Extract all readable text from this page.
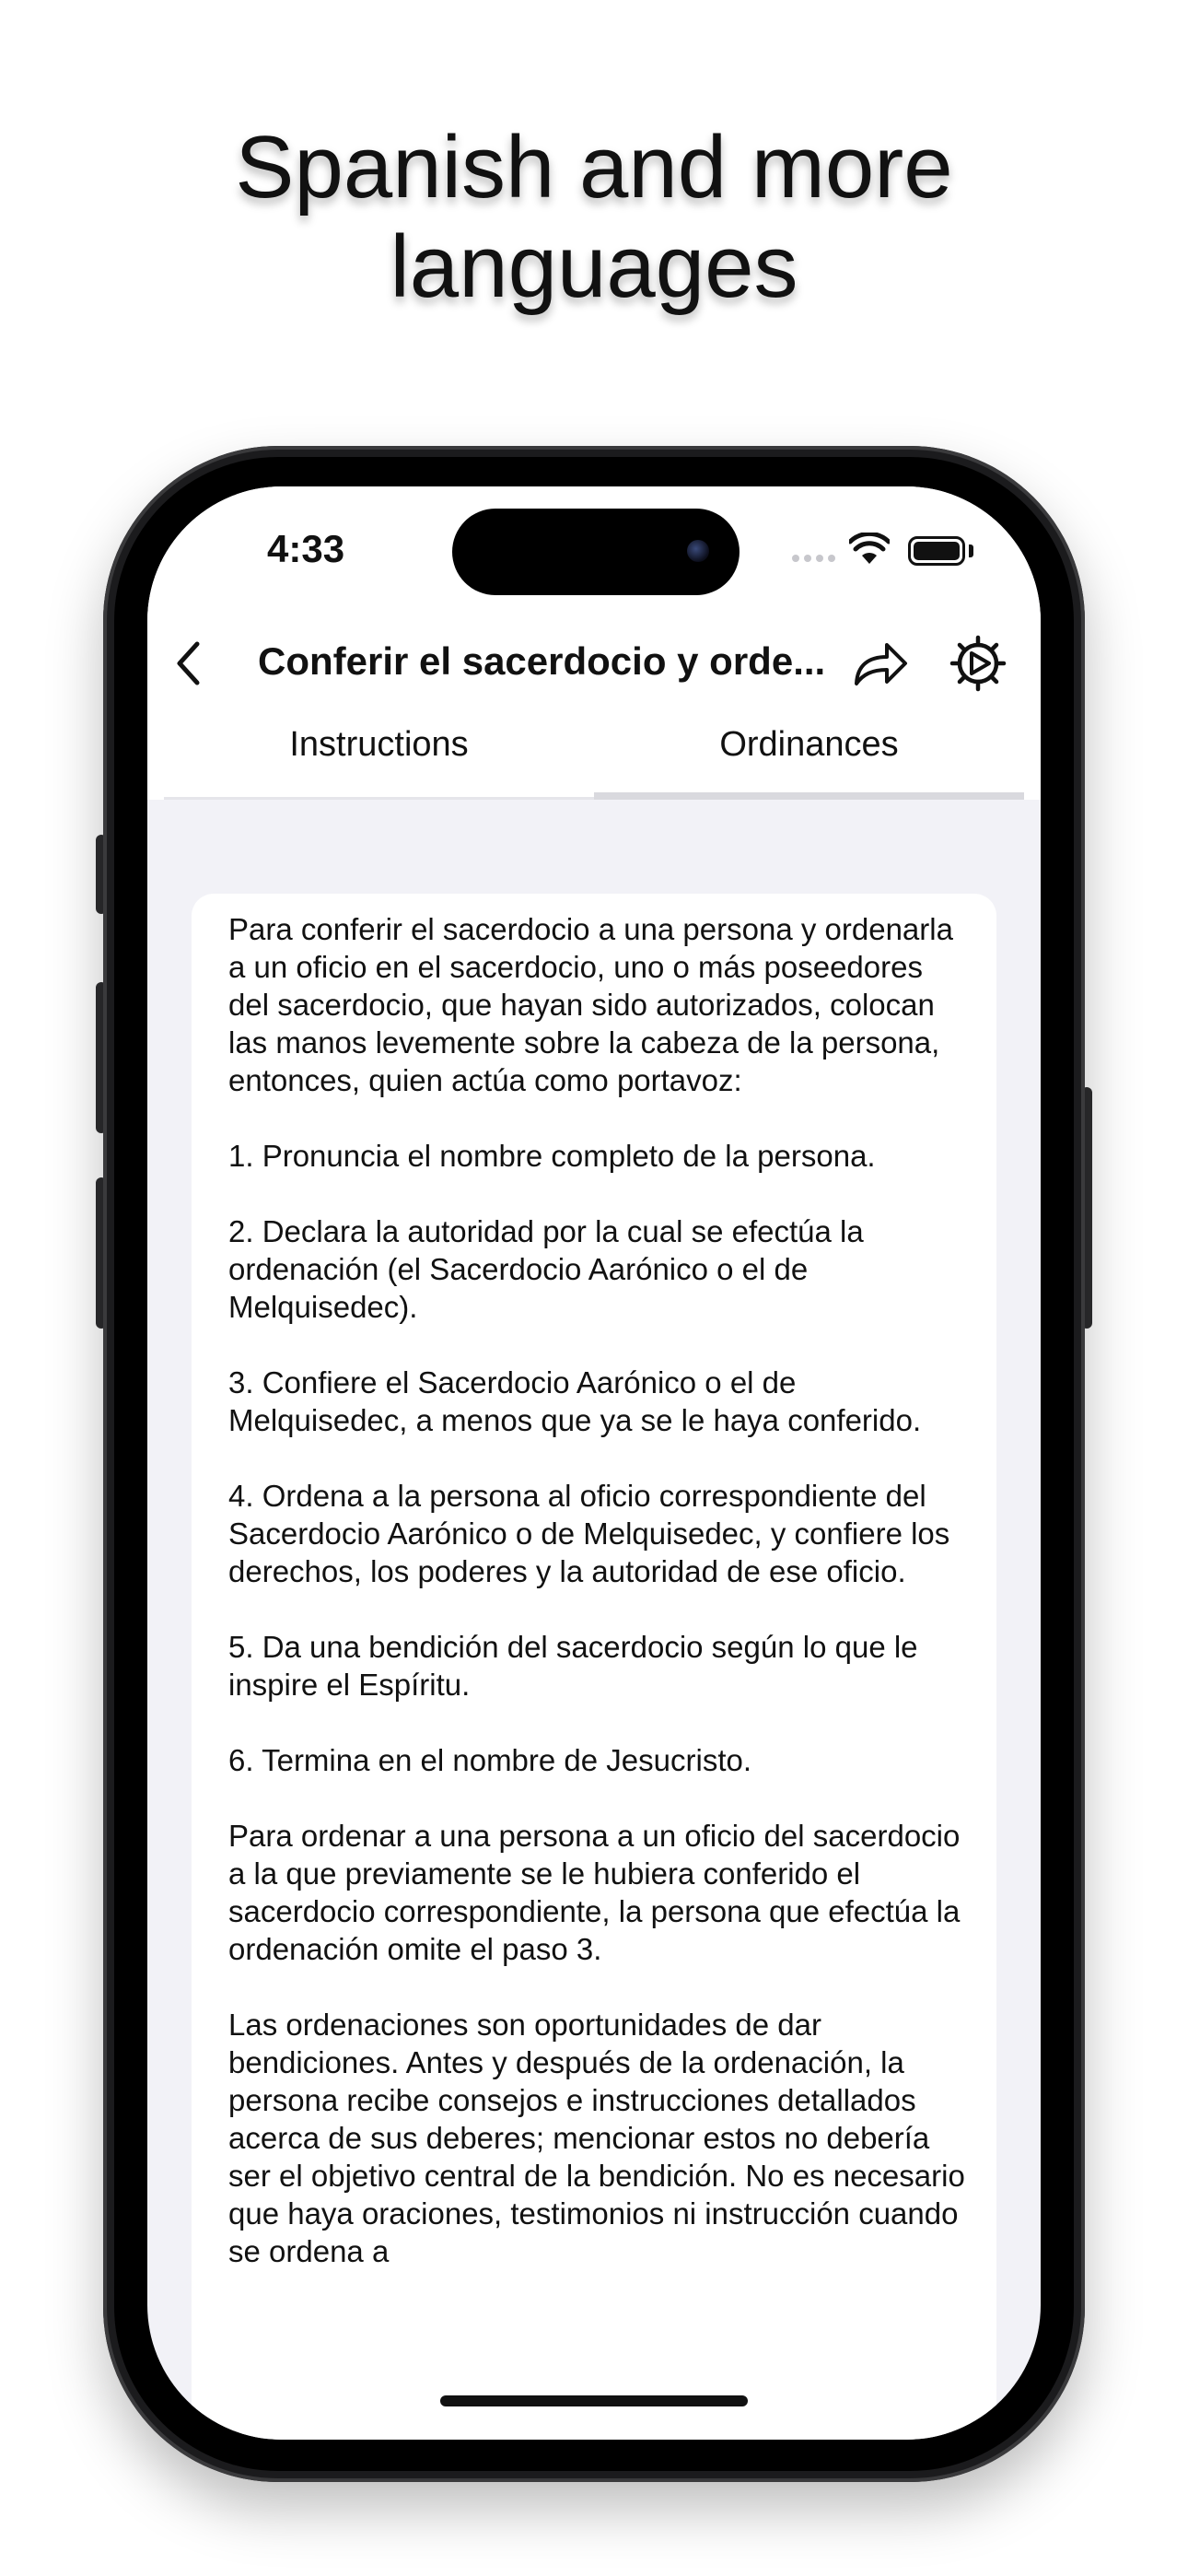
Spanish and more
languages
4:33
Conferir el sacerdocio y orde...
Instructions	Ordinances

Para conferir el sacerdocio a una persona y ordenarla a un oficio en el sacerdocio, uno o más poseedores del sacerdocio, que hayan sido autorizados, colocan las manos levemente sobre la cabeza de la persona, entonces, quien actúa como portavoz:

1. Pronuncia el nombre completo de la persona.

2. Declara la autoridad por la cual se efectúa la ordenación (el Sacerdocio Aarónico o el de Melquisedec).

3. Confiere el Sacerdocio Aarónico o el de Melquisedec, a menos que ya se le haya conferido.

4. Ordena a la persona al oficio correspondiente del Sacerdocio Aarónico o de Melquisedec, y confiere los derechos, los poderes y la autoridad de ese oficio.

5. Da una bendición del sacerdocio según lo que le inspire el Espíritu.

6. Termina en el nombre de Jesucristo.

Para ordenar a una persona a un oficio del sacerdocio a la que previamente se le hubiera conferido el sacerdocio correspondiente, la persona que efectúa la ordenación omite el paso 3.

Las ordenaciones son oportunidades de dar bendiciones. Antes y después de la ordenación, la persona recibe consejos e instrucciones detallados acerca de sus deberes; mencionar estos no debería ser el objetivo central de la bendición. No es necesario que haya oraciones, testimonios ni instrucción cuando se ordena a
